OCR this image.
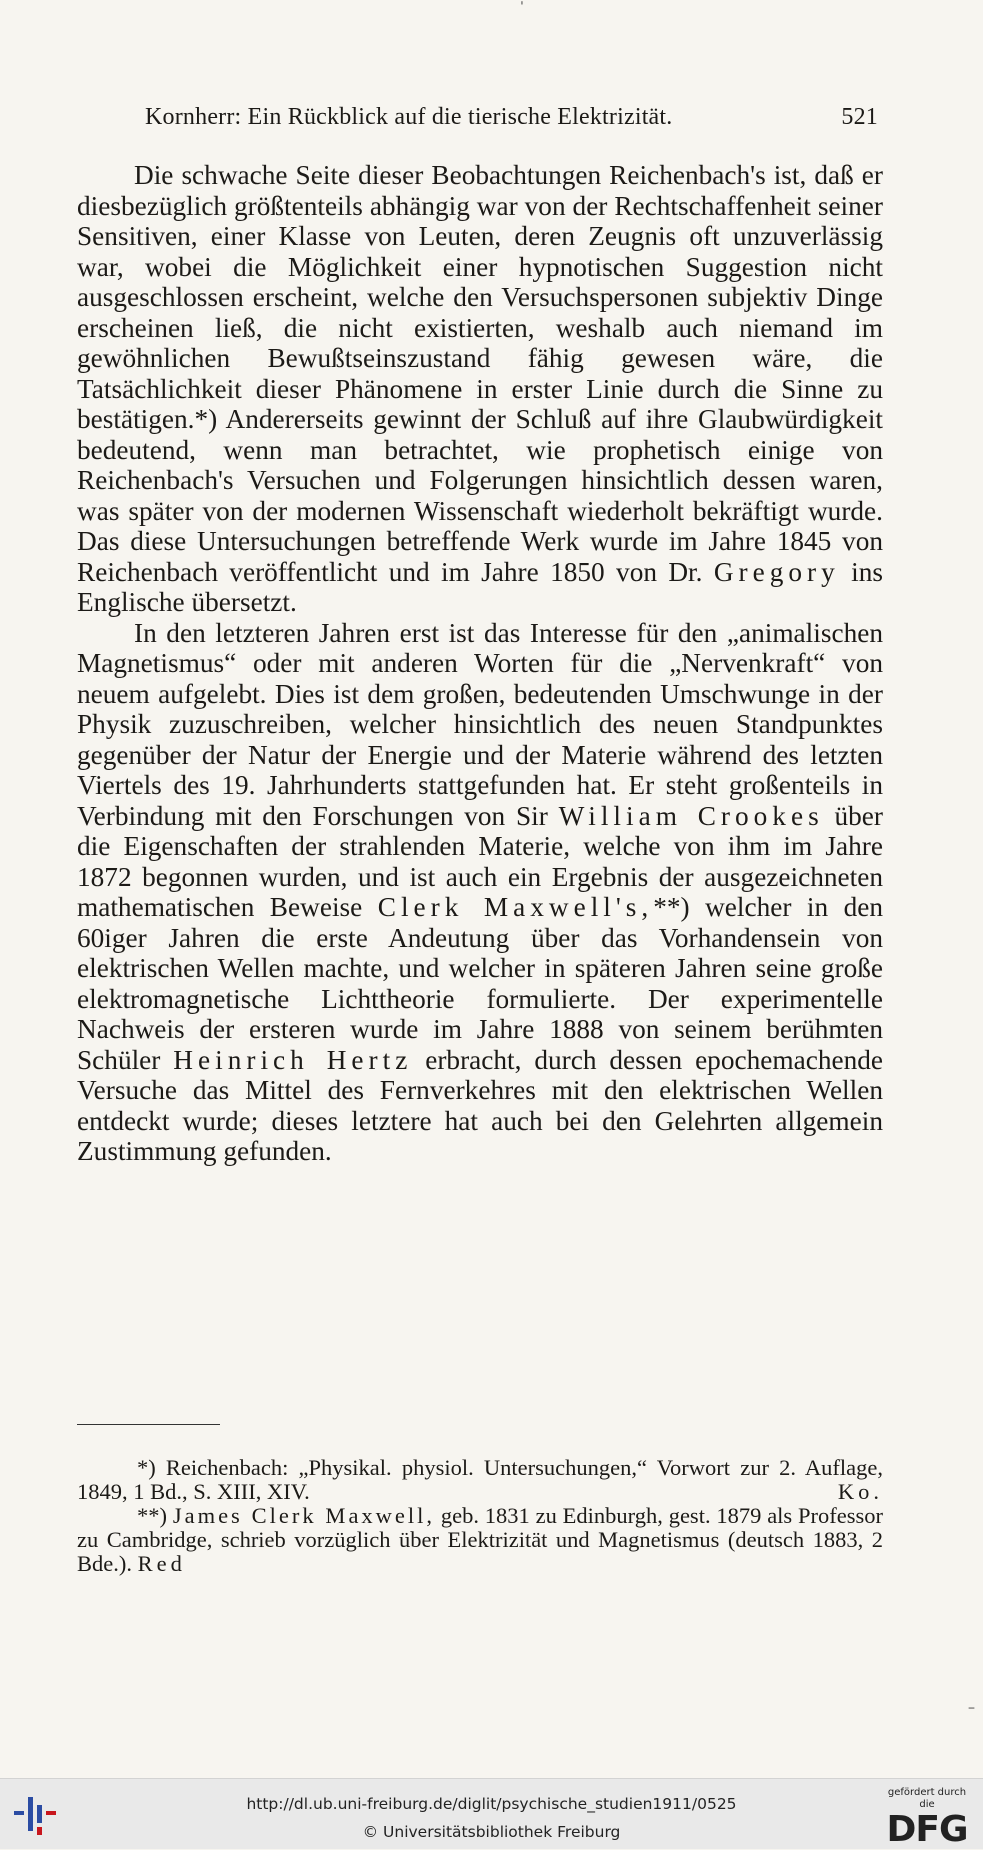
Kornherr: Ein Rückblick auf die tierische Elektrizität.	521

Die schwache Seite dieser Beobachtungen Reichenbach's ist, daß er diesbezüglich größtenteils abhängig war von der Rechtschaffenheit seiner Sensitiven, einer Klasse von Leuten, deren Zeugnis oft unzuverlässig war, wobei die Möglichkeit einer hypnotischen Suggestion nicht ausgeschlossen erscheint, welche den Versuchspersonen subjektiv Dinge erscheinen ließ, die nicht existierten, weshalb auch niemand im gewöhnlichen Bewußtseinszustand fähig gewesen wäre, die Tatsächlichkeit dieser Phänomene in erster Linie durch die Sinne zu bestätigen.*) Andererseits gewinnt der Schluß auf ihre Glaubwürdigkeit bedeutend, wenn man betrachtet, wie prophetisch einige von Reichenbach's Versuchen und Folgerungen hinsichtlich dessen waren, was später von der modernen Wissenschaft wiederholt bekräftigt wurde. Das diese Untersuchungen betreffende Werk wurde im Jahre 1845 von Reichenbach veröffentlicht und im Jahre 1850 von Dr. Gregory ins Englische übersetzt.

In den letzteren Jahren erst ist das Interesse für den „animalischen Magnetismus“ oder mit anderen Worten für die „Nervenkraft“ von neuem aufgelebt. Dies ist dem großen, bedeutenden Umschwunge in der Physik zuzuschreiben, welcher hinsichtlich des neuen Standpunktes gegenüber der Natur der Energie und der Materie während des letzten Viertels des 19. Jahrhunderts stattgefunden hat. Er steht großenteils in Verbindung mit den Forschungen von Sir William Crookes über die Eigenschaften der strahlenden Materie, welche von ihm im Jahre 1872 begonnen wurden, und ist auch ein Ergebnis der ausgezeichneten mathematischen Beweise Clerk Maxwell's,**) welcher in den 60iger Jahren die erste Andeutung über das Vorhandensein von elektrischen Wellen machte, und welcher in späteren Jahren seine große elektromagnetische Lichttheorie formulierte. Der experimentelle Nachweis der ersteren wurde im Jahre 1888 von seinem berühmten Schüler Heinrich Hertz erbracht, durch dessen epochemachende Versuche das Mittel des Fernverkehres mit den elektrischen Wellen entdeckt wurde; dieses letztere hat auch bei den Gelehrten allgemein Zustimmung gefunden.

*) Reichenbach: „Physikal. physiol. Untersuchungen,“ Vorwort zur 2. Auflage, 1849, 1 Bd., S. XIII, XIV.	Ko.

**) James Clerk Maxwell, geb. 1831 zu Edinburgh, gest. 1879 als Professor zu Cambridge, schrieb vorzüglich über Elektrizität und Magnetismus (deutsch 1883, 2 Bde.). Red

ˈ
–
http://dl.ub.uni-freiburg.de/diglit/psychische_studien1911/0525
© Universitätsbibliothek Freiburg
gefördert durch die
DFG
